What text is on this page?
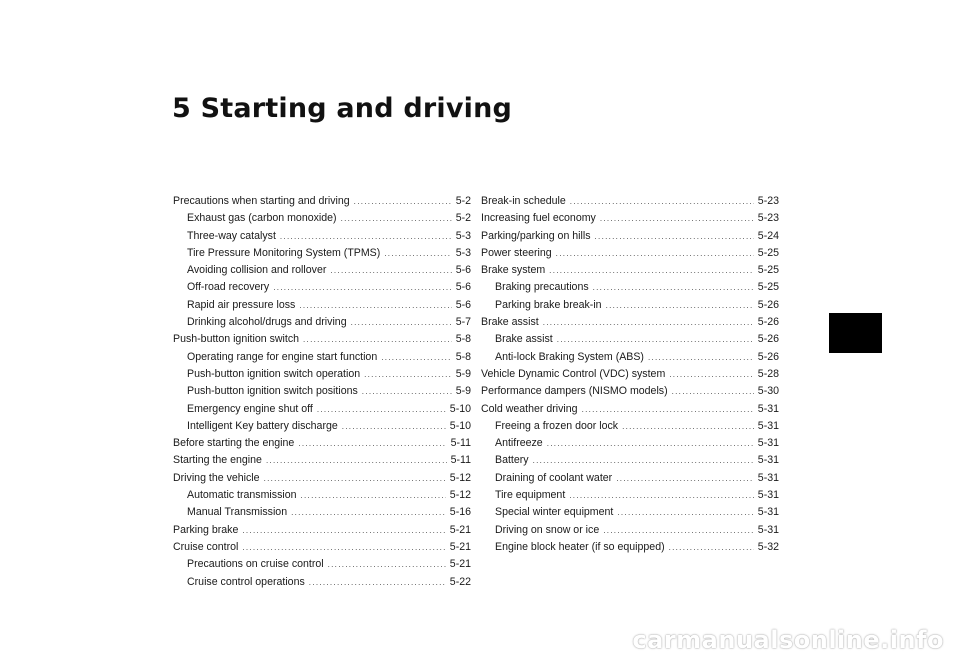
5 Starting and driving
Precautions when starting and driving .....	5-2
Exhaust gas (carbon monoxide) .....	5-2
Three-way catalyst .....	5-3
Tire Pressure Monitoring System (TPMS) .....	5-3
Avoiding collision and rollover .....	5-6
Off-road recovery .....	5-6
Rapid air pressure loss .....	5-6
Drinking alcohol/drugs and driving .....	5-7
Push-button ignition switch .....	5-8
Operating range for engine start function .....	5-8
Push-button ignition switch operation .....	5-9
Push-button ignition switch positions .....	5-9
Emergency engine shut off .....	5-10
Intelligent Key battery discharge .....	5-10
Before starting the engine .....	5-11
Starting the engine .....	5-11
Driving the vehicle .....	5-12
Automatic transmission .....	5-12
Manual Transmission .....	5-16
Parking brake .....	5-21
Cruise control .....	5-21
Precautions on cruise control .....	5-21
Cruise control operations .....	5-22
Break-in schedule .....	5-23
Increasing fuel economy .....	5-23
Parking/parking on hills .....	5-24
Power steering .....	5-25
Brake system .....	5-25
Braking precautions .....	5-25
Parking brake break-in .....	5-26
Brake assist .....	5-26
Brake assist .....	5-26
Anti-lock Braking System (ABS) .....	5-26
Vehicle Dynamic Control (VDC) system .....	5-28
Performance dampers (NISMO models) .....	5-30
Cold weather driving .....	5-31
Freeing a frozen door lock .....	5-31
Antifreeze .....	5-31
Battery .....	5-31
Draining of coolant water .....	5-31
Tire equipment .....	5-31
Special winter equipment .....	5-31
Driving on snow or ice .....	5-31
Engine block heater (if so equipped) .....	5-32
carmanualsonline.info
